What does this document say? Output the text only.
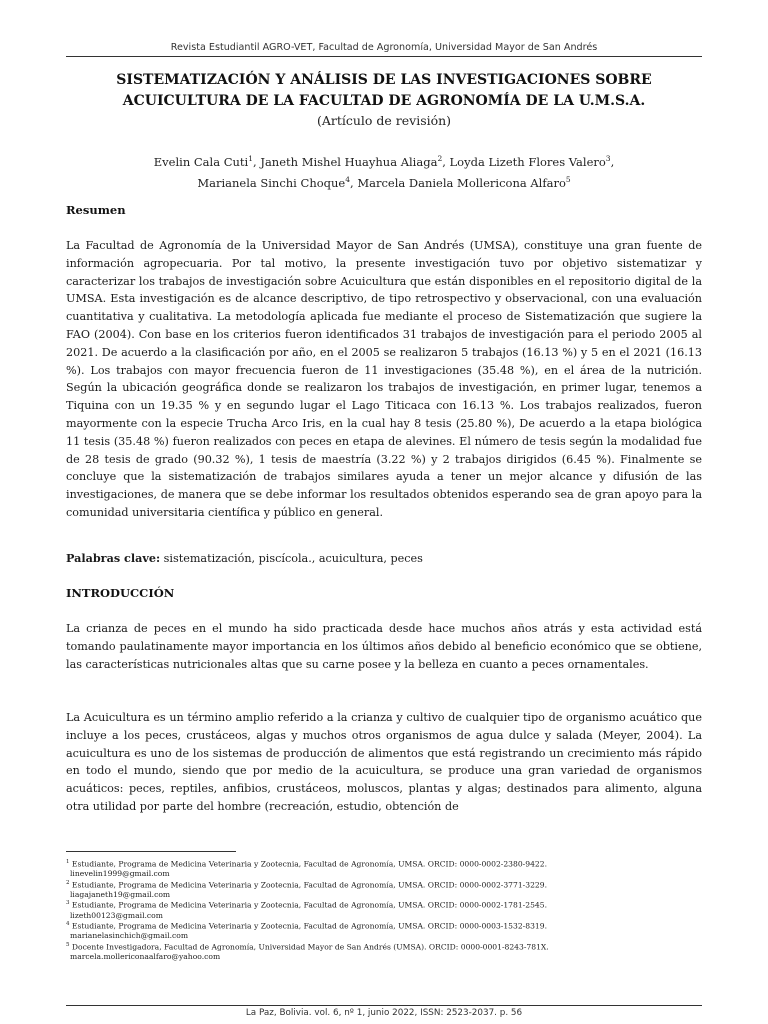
Revista Estudiantil AGRO-VET, Facultad de Agronomía, Universidad Mayor de San Andrés
SISTEMATIZACIÓN Y ANÁLISIS DE LAS INVESTIGACIONES SOBRE
ACUICULTURA DE LA FACULTAD DE AGRONOMÍA DE LA U.M.S.A.
(Artículo de revisión)
Evelin Cala Cuti$^1$, Janeth Mishel Huayhua Aliaga$^2$, Loyda Lizeth Flores Valero$^3$,
Marianela Sinchi Choque$^4$, Marcela Daniela Mollericona Alfaro$^5$
Resumen

La Facultad de Agronomía de la Universidad Mayor de San Andrés (UMSA), constituye una gran fuente de información agropecuaria. Por tal motivo, la presente investigación tuvo por objetivo sistematizar y caracterizar los trabajos de investigación sobre Acuicultura que están disponibles en el repositorio digital de la UMSA. Esta investigación es de alcance descriptivo, de tipo retrospectivo y observacional, con una evaluación cuantitativa y cualitativa. La metodología aplicada fue mediante el proceso de Sistematización que sugiere la FAO (2004). Con base en los criterios fueron identificados 31 trabajos de investigación para el periodo 2005 al 2021. De acuerdo a la clasificación por año, en el 2005 se realizaron 5 trabajos (16.13 %) y 5 en el 2021 (16.13 %). Los trabajos con mayor frecuencia fueron de 11 investigaciones (35.48 %), en el área de la nutrición. Según la ubicación geográfica donde se realizaron los trabajos de investigación, en primer lugar, tenemos a Tiquina con un 19.35 % y en segundo lugar el Lago Titicaca con 16.13 %. Los trabajos realizados, fueron mayormente con la especie Trucha Arco Iris, en la cual hay 8 tesis (25.80 %), De acuerdo a la etapa biológica 11 tesis (35.48 %) fueron realizados con peces en etapa de alevines. El número de tesis según la modalidad fue de 28 tesis de grado (90.32 %), 1 tesis de maestría (3.22 %) y 2 trabajos dirigidos (6.45 %). Finalmente se concluye que la sistematización de trabajos similares ayuda a tener un mejor alcance y difusión de las investigaciones, de manera que se debe informar los resultados obtenidos esperando sea de gran apoyo para la comunidad universitaria científica y público en general.

Palabras clave: sistematización, piscícola., acuicultura, peces
INTRODUCCIÓN

La crianza de peces en el mundo ha sido practicada desde hace muchos años atrás y esta actividad está tomando paulatinamente mayor importancia en los últimos años debido al beneficio económico que se obtiene, las características nutricionales altas que su carne posee y la belleza en cuanto a peces ornamentales.

La Acuicultura es un término amplio referido a la crianza y cultivo de cualquier tipo de organismo acuático que incluye a los peces, crustáceos, algas y muchos otros organismos de agua dulce y salada (Meyer, 2004). La acuicultura es uno de los sistemas de producción de alimentos que está registrando un crecimiento más rápido en todo el mundo, siendo que por medio de la acuicultura, se produce una gran variedad de organismos acuáticos: peces, reptiles, anfibios, crustáceos, moluscos, plantas y algas; destinados para alimento, alguna otra utilidad por parte del hombre (recreación, estudio, obtención de

$^1$ Estudiante, Programa de Medicina Veterinaria y Zootecnia, Facultad de Agronomía, UMSA. ORCID: 0000-0002-2380-9422.
linevelin1999@gmail.com

$^2$ Estudiante, Programa de Medicina Veterinaria y Zootecnia, Facultad de Agronomía, UMSA. ORCID: 0000-0002-3771-3229.
liagajaneth19@gmail.com

$^3$ Estudiante, Programa de Medicina Veterinaria y Zootecnia, Facultad de Agronomía, UMSA. ORCID: 0000-0002-1781-2545.
lizeth00123@gmail.com

$^4$ Estudiante, Programa de Medicina Veterinaria y Zootecnia, Facultad de Agronomía, UMSA. ORCID: 0000-0003-1532-8319.
marianelasinchich@gmail.com

$^5$ Docente Investigadora, Facultad de Agronomía, Universidad Mayor de San Andrés (UMSA). ORCID: 0000-0001-8243-781X.
marcela.mollericonaalfaro@yahoo.com

La Paz, Bolivia. vol. 6, nº 1, junio 2022, ISSN: 2523-2037. p. 56
